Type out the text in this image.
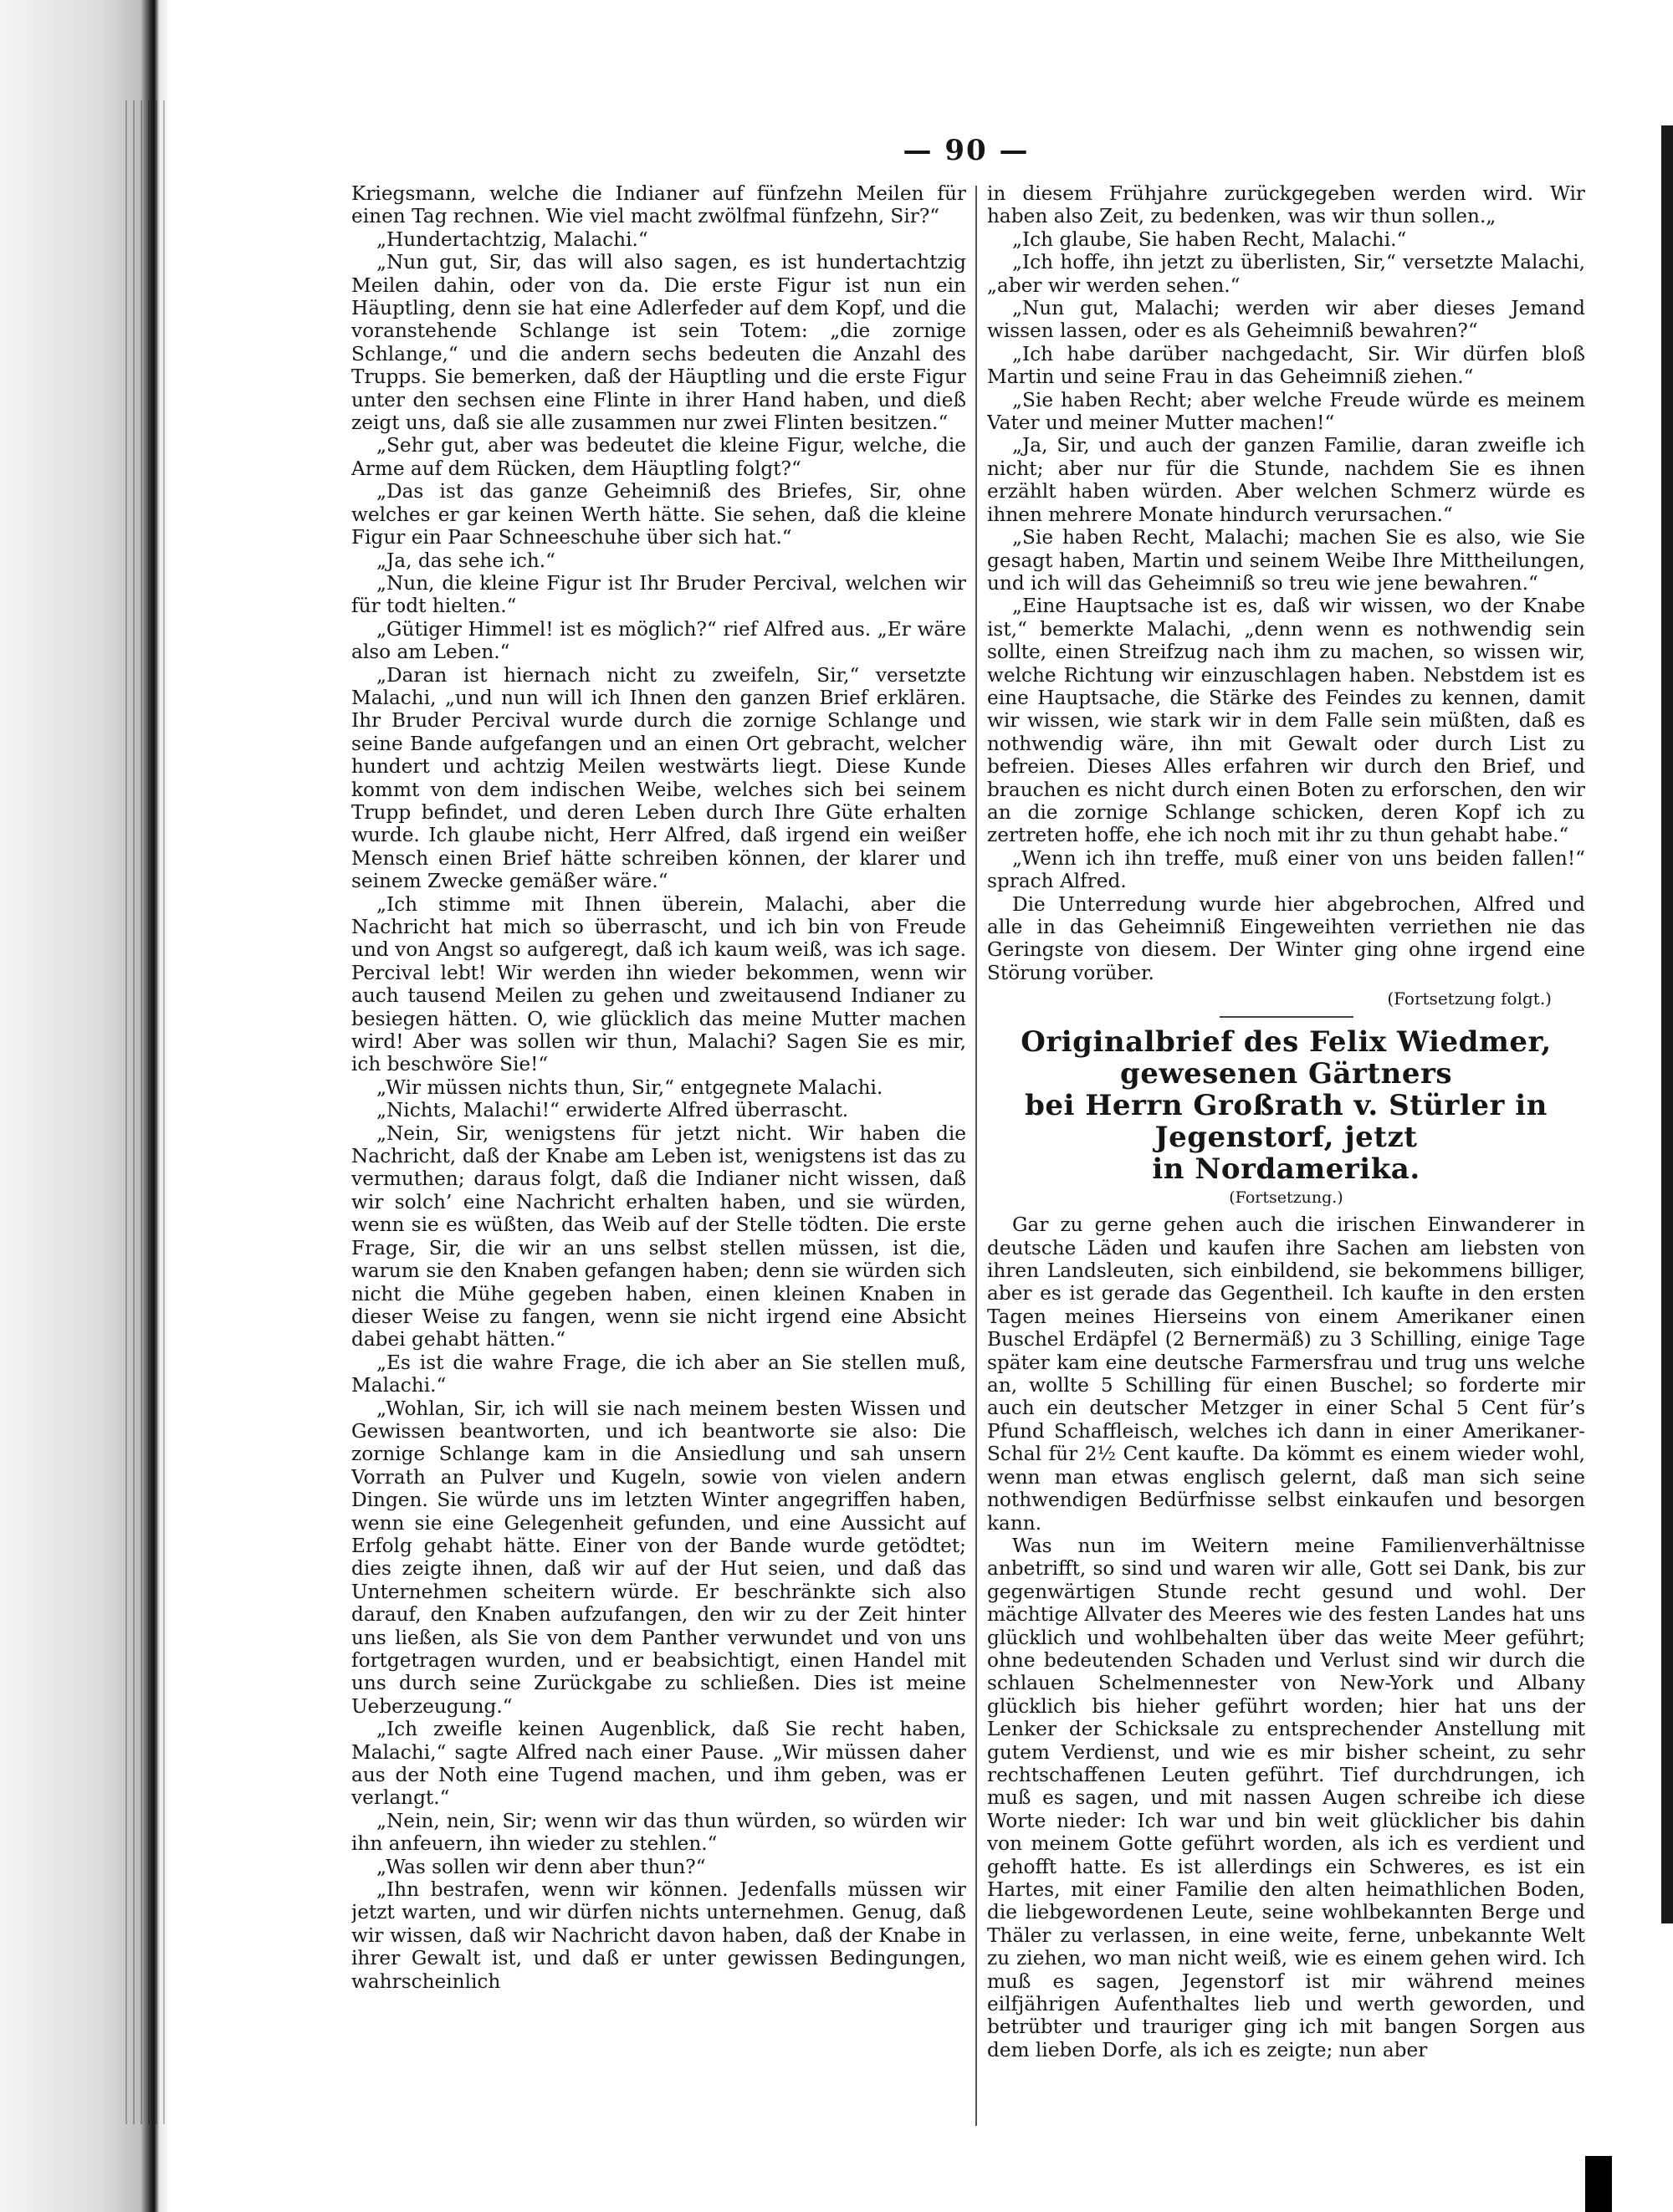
— 90 —

Kriegsmann, welche die Indianer auf fünfzehn Meilen für einen Tag rechnen. Wie viel macht zwölfmal fünfzehn, Sir?“

„Hundertachtzig, Malachi.“

„Nun gut, Sir, das will also sagen, es ist hundertachtzig Meilen dahin, oder von da. Die erste Figur ist nun ein Häuptling, denn sie hat eine Adlerfeder auf dem Kopf, und die voranstehende Schlange ist sein Totem: „die zornige Schlange,“ und die andern sechs bedeuten die Anzahl des Trupps. Sie bemerken, daß der Häuptling und die erste Figur unter den sechsen eine Flinte in ihrer Hand haben, und dieß zeigt uns, daß sie alle zusammen nur zwei Flinten besitzen.“

„Sehr gut, aber was bedeutet die kleine Figur, welche, die Arme auf dem Rücken, dem Häuptling folgt?“

„Das ist das ganze Geheimniß des Briefes, Sir, ohne welches er gar keinen Werth hätte. Sie sehen, daß die kleine Figur ein Paar Schneeschuhe über sich hat.“

„Ja, das sehe ich.“

„Nun, die kleine Figur ist Ihr Bruder Percival, welchen wir für todt hielten.“

„Gütiger Himmel! ist es möglich?“ rief Alfred aus. „Er wäre also am Leben.“

„Daran ist hiernach nicht zu zweifeln, Sir,“ versetzte Malachi, „und nun will ich Ihnen den ganzen Brief erklären. Ihr Bruder Percival wurde durch die zornige Schlange und seine Bande aufgefangen und an einen Ort gebracht, welcher hundert und achtzig Meilen westwärts liegt. Diese Kunde kommt von dem indischen Weibe, welches sich bei seinem Trupp befindet, und deren Leben durch Ihre Güte erhalten wurde. Ich glaube nicht, Herr Alfred, daß irgend ein weißer Mensch einen Brief hätte schreiben können, der klarer und seinem Zwecke gemäßer wäre.“

„Ich stimme mit Ihnen überein, Malachi, aber die Nachricht hat mich so überrascht, und ich bin von Freude und von Angst so aufgeregt, daß ich kaum weiß, was ich sage. Percival lebt! Wir werden ihn wieder bekommen, wenn wir auch tausend Meilen zu gehen und zweitausend Indianer zu besiegen hätten. O, wie glücklich das meine Mutter machen wird! Aber was sollen wir thun, Malachi? Sagen Sie es mir, ich beschwöre Sie!“

„Wir müssen nichts thun, Sir,“ entgegnete Malachi.

„Nichts, Malachi!“ erwiderte Alfred überrascht.

„Nein, Sir, wenigstens für jetzt nicht. Wir haben die Nachricht, daß der Knabe am Leben ist, wenigstens ist das zu vermuthen; daraus folgt, daß die Indianer nicht wissen, daß wir solch’ eine Nachricht erhalten haben, und sie würden, wenn sie es wüßten, das Weib auf der Stelle tödten. Die erste Frage, Sir, die wir an uns selbst stellen müssen, ist die, warum sie den Knaben gefangen haben; denn sie würden sich nicht die Mühe gegeben haben, einen kleinen Knaben in dieser Weise zu fangen, wenn sie nicht irgend eine Absicht dabei gehabt hätten.“

„Es ist die wahre Frage, die ich aber an Sie stellen muß, Malachi.“

„Wohlan, Sir, ich will sie nach meinem besten Wissen und Gewissen beantworten, und ich beantworte sie also: Die zornige Schlange kam in die Ansiedlung und sah unsern Vorrath an Pulver und Kugeln, sowie von vielen andern Dingen. Sie würde uns im letzten Winter angegriffen haben, wenn sie eine Gelegenheit gefunden, und eine Aussicht auf Erfolg gehabt hätte. Einer von der Bande wurde getödtet; dies zeigte ihnen, daß wir auf der Hut seien, und daß das Unternehmen scheitern würde. Er beschränkte sich also darauf, den Knaben aufzufangen, den wir zu der Zeit hinter uns ließen, als Sie von dem Panther verwundet und von uns fortgetragen wurden, und er beabsichtigt, einen Handel mit uns durch seine Zurückgabe zu schließen. Dies ist meine Ueberzeugung.“

„Ich zweifle keinen Augenblick, daß Sie recht haben, Malachi,“ sagte Alfred nach einer Pause. „Wir müssen daher aus der Noth eine Tugend machen, und ihm geben, was er verlangt.“

„Nein, nein, Sir; wenn wir das thun würden, so würden wir ihn anfeuern, ihn wieder zu stehlen.“

„Was sollen wir denn aber thun?“

„Ihn bestrafen, wenn wir können. Jedenfalls müssen wir jetzt warten, und wir dürfen nichts unternehmen. Genug, daß wir wissen, daß wir Nachricht davon haben, daß der Knabe in ihrer Gewalt ist, und daß er unter gewissen Bedingungen, wahrscheinlich

in diesem Frühjahre zurückgegeben werden wird. Wir haben also Zeit, zu bedenken, was wir thun sollen.„

„Ich glaube, Sie haben Recht, Malachi.“

„Ich hoffe, ihn jetzt zu überlisten, Sir,“ versetzte Malachi, „aber wir werden sehen.“

„Nun gut, Malachi; werden wir aber dieses Jemand wissen lassen, oder es als Geheimniß bewahren?“

„Ich habe darüber nachgedacht, Sir. Wir dürfen bloß Martin und seine Frau in das Geheimniß ziehen.“

„Sie haben Recht; aber welche Freude würde es meinem Vater und meiner Mutter machen!“

„Ja, Sir, und auch der ganzen Familie, daran zweifle ich nicht; aber nur für die Stunde, nachdem Sie es ihnen erzählt haben würden. Aber welchen Schmerz würde es ihnen mehrere Monate hindurch verursachen.“

„Sie haben Recht, Malachi; machen Sie es also, wie Sie gesagt haben, Martin und seinem Weibe Ihre Mittheilungen, und ich will das Geheimniß so treu wie jene bewahren.“

„Eine Hauptsache ist es, daß wir wissen, wo der Knabe ist,“ bemerkte Malachi, „denn wenn es nothwendig sein sollte, einen Streifzug nach ihm zu machen, so wissen wir, welche Richtung wir einzuschlagen haben. Nebstdem ist es eine Hauptsache, die Stärke des Feindes zu kennen, damit wir wissen, wie stark wir in dem Falle sein müßten, daß es nothwendig wäre, ihn mit Gewalt oder durch List zu befreien. Dieses Alles erfahren wir durch den Brief, und brauchen es nicht durch einen Boten zu erforschen, den wir an die zornige Schlange schicken, deren Kopf ich zu zertreten hoffe, ehe ich noch mit ihr zu thun gehabt habe.“

„Wenn ich ihn treffe, muß einer von uns beiden fallen!“ sprach Alfred.

Die Unterredung wurde hier abgebrochen, Alfred und alle in das Geheimniß Eingeweihten verriethen nie das Geringste von diesem. Der Winter ging ohne irgend eine Störung vorüber.

(Fortsetzung folgt.)
Originalbrief des Felix Wiedmer, gewesenen Gärtners
bei Herrn Großrath v. Stürler in Jegenstorf, jetzt
in Nordamerika.
(Fortsetzung.)

Gar zu gerne gehen auch die irischen Einwanderer in deutsche Läden und kaufen ihre Sachen am liebsten von ihren Landsleuten, sich einbildend, sie bekommens billiger, aber es ist gerade das Gegentheil. Ich kaufte in den ersten Tagen meines Hierseins von einem Amerikaner einen Buschel Erdäpfel (2 Bernermäß) zu 3 Schilling, einige Tage später kam eine deutsche Farmersfrau und trug uns welche an, wollte 5 Schilling für einen Buschel; so forderte mir auch ein deutscher Metzger in einer Schal 5 Cent für’s Pfund Schaffleisch, welches ich dann in einer Amerikaner-Schal für 2½ Cent kaufte. Da kömmt es einem wieder wohl, wenn man etwas englisch gelernt, daß man sich seine nothwendigen Bedürfnisse selbst einkaufen und besorgen kann.

Was nun im Weitern meine Familienverhältnisse anbetrifft, so sind und waren wir alle, Gott sei Dank, bis zur gegenwärtigen Stunde recht gesund und wohl. Der mächtige Allvater des Meeres wie des festen Landes hat uns glücklich und wohlbehalten über das weite Meer geführt; ohne bedeutenden Schaden und Verlust sind wir durch die schlauen Schelmennester von New-York und Albany glücklich bis hieher geführt worden; hier hat uns der Lenker der Schicksale zu entsprechender Anstellung mit gutem Verdienst, und wie es mir bisher scheint, zu sehr rechtschaffenen Leuten geführt. Tief durchdrungen, ich muß es sagen, und mit nassen Augen schreibe ich diese Worte nieder: Ich war und bin weit glücklicher bis dahin von meinem Gotte geführt worden, als ich es verdient und gehofft hatte. Es ist allerdings ein Schweres, es ist ein Hartes, mit einer Familie den alten heimathlichen Boden, die liebgewordenen Leute, seine wohlbekannten Berge und Thäler zu verlassen, in eine weite, ferne, unbekannte Welt zu ziehen, wo man nicht weiß, wie es einem gehen wird. Ich muß es sagen, Jegenstorf ist mir während meines eilfjährigen Aufenthaltes lieb und werth geworden, und betrübter und trauriger ging ich mit bangen Sorgen aus dem lieben Dorfe, als ich es zeigte; nun aber
